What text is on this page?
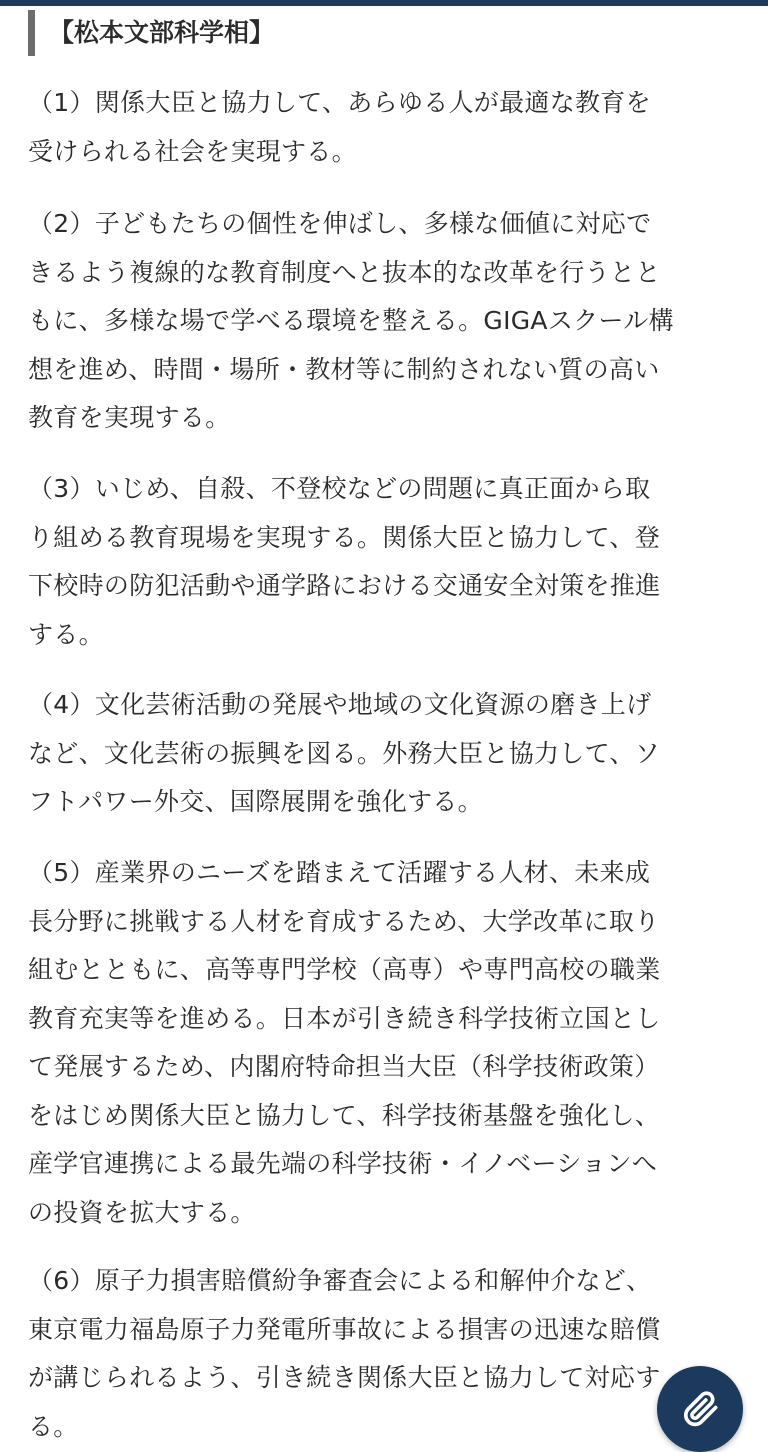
【松本文部科学相】
（1）関係大臣と協力して、あらゆる人が最適な教育を
受けられる社会を実現する。
（2）子どもたちの個性を伸ばし、多様な価値に対応で
きるよう複線的な教育制度へと抜本的な改革を行うとと
もに、多様な場で学べる環境を整える。GIGAスクール構
想を進め、時間・場所・教材等に制約されない質の高い
教育を実現する。
（3）いじめ、自殺、不登校などの問題に真正面から取
り組める教育現場を実現する。関係大臣と協力して、登
下校時の防犯活動や通学路における交通安全対策を推進
する。
（4）文化芸術活動の発展や地域の文化資源の磨き上げ
など、文化芸術の振興を図る。外務大臣と協力して、ソ
フトパワー外交、国際展開を強化する。
（5）産業界のニーズを踏まえて活躍する人材、未来成
長分野に挑戦する人材を育成するため、大学改革に取り
組むとともに、高等専門学校（高専）や専門高校の職業
教育充実等を進める。日本が引き続き科学技術立国とし
て発展するため、内閣府特命担当大臣（科学技術政策）
をはじめ関係大臣と協力して、科学技術基盤を強化し、
産学官連携による最先端の科学技術・イノベーションへ
の投資を拡大する。
（6）原子力損害賠償紛争審査会による和解仲介など、
東京電力福島原子力発電所事故による損害の迅速な賠償
が講じられるよう、引き続き関係大臣と協力して対応す
る。
